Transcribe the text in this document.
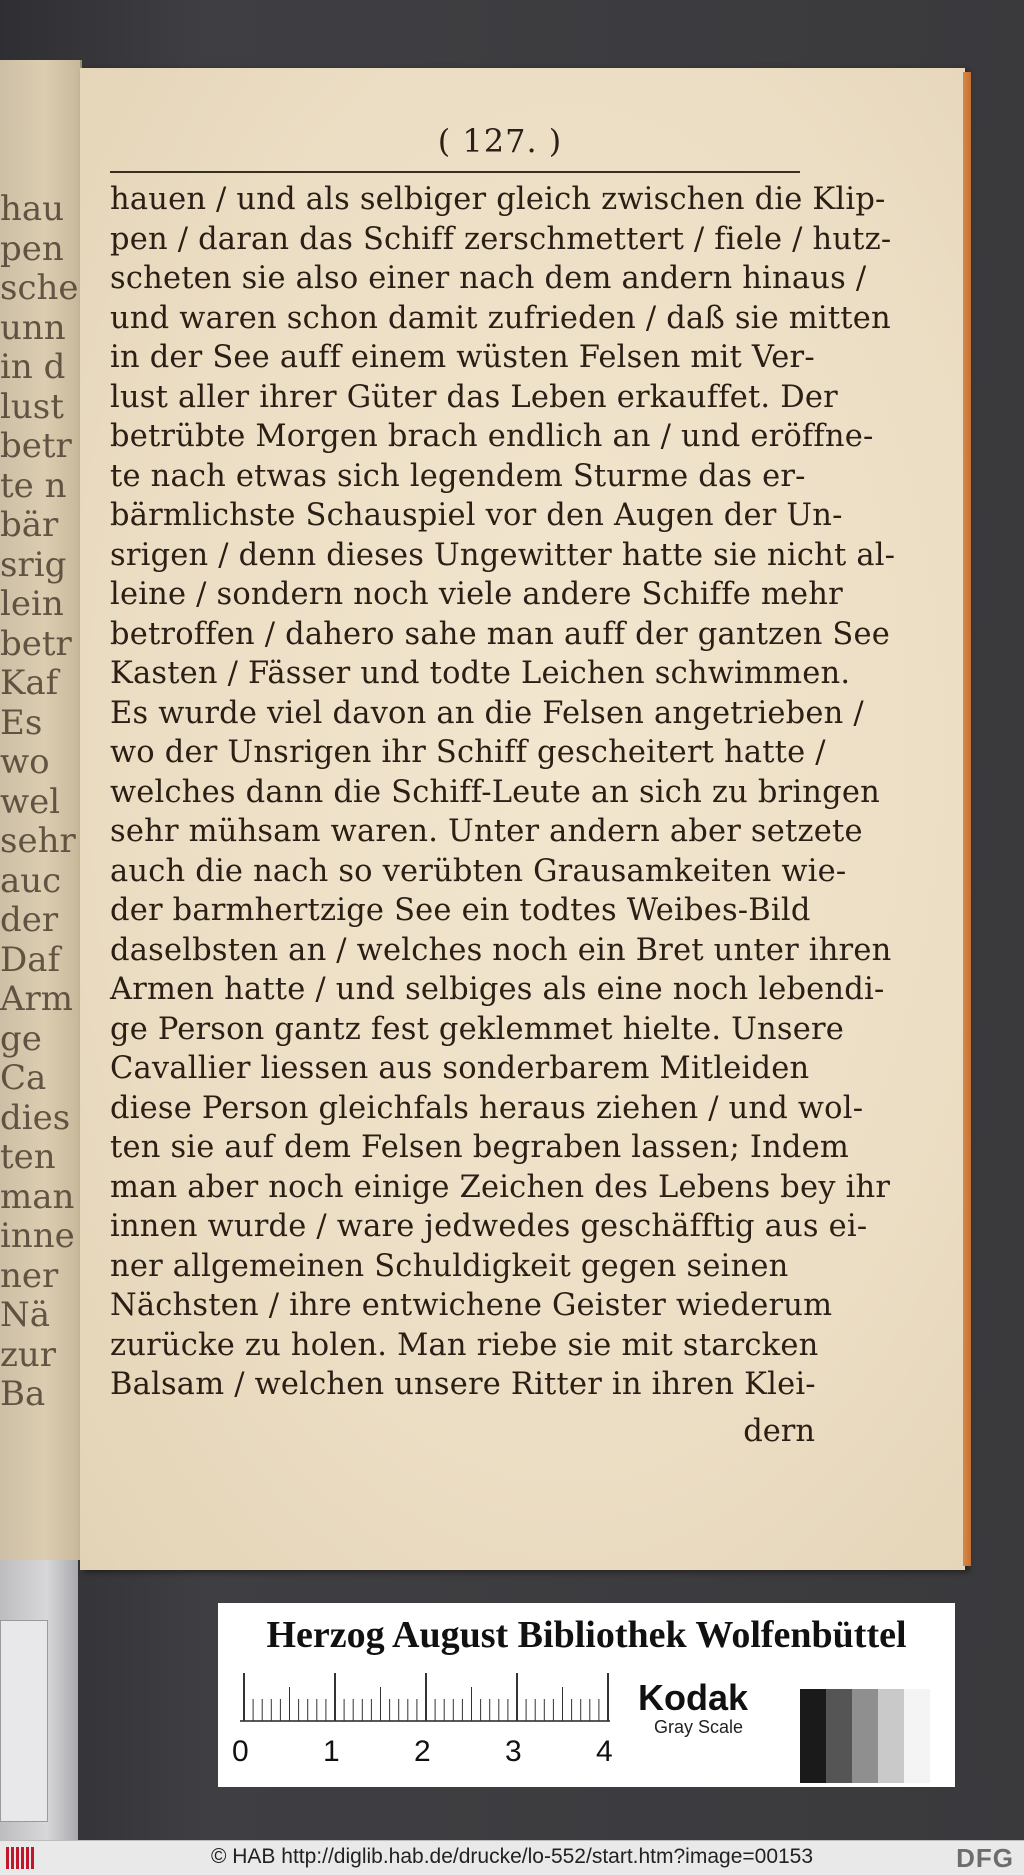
hau
pen
sche
unn
in d
lust
betr
te n
bär
srig
lein
betr
Kaf
Es
wo
wel
sehr
auc
der
Daf
Arm
ge
Ca
dies
ten
man
inne
ner
Nä
zur
Ba
( 127. )
hauen / und als selbiger gleich zwischen die Klip-
pen / daran das Schiff zerschmettert / fiele / hutz-
scheten sie also einer nach dem andern hinaus /
und waren schon damit zufrieden / daß sie mitten
in der See auff einem wüsten Felsen mit Ver-
lust aller ihrer Güter das Leben erkauffet. Der
betrübte Morgen brach endlich an / und eröffne-
te nach etwas sich legendem Sturme das er-
bärmlichste Schauspiel vor den Augen der Un-
srigen / denn dieses Ungewitter hatte sie nicht al-
leine / sondern noch viele andere Schiffe mehr
betroffen / dahero sahe man auff der gantzen See
Kasten / Fässer und todte Leichen schwimmen.
Es wurde viel davon an die Felsen angetrieben /
wo der Unsrigen ihr Schiff gescheitert hatte /
welches dann die Schiff-Leute an sich zu bringen
sehr mühsam waren. Unter andern aber setzete
auch die nach so verübten Grausamkeiten wie-
der barmhertzige See ein todtes Weibes-Bild
daselbsten an / welches noch ein Bret unter ihren
Armen hatte / und selbiges als eine noch lebendi-
ge Person gantz fest geklemmet hielte. Unsere
Cavallier liessen aus sonderbarem Mitleiden
diese Person gleichfals heraus ziehen / und wol-
ten sie auf dem Felsen begraben lassen; Indem
man aber noch einige Zeichen des Lebens bey ihr
innen wurde / ware jedwedes geschäfftig aus ei-
ner allgemeinen Schuldigkeit gegen seinen
Nächsten / ihre entwichene Geister wiederum
zurücke zu holen. Man riebe sie mit starcken
Balsam / welchen unsere Ritter in ihren Klei-
dern
Herzog August Bibliothek Wolfenbüttel
0 1 2 3 4
Kodak
Gray Scale
© HAB http://diglib.hab.de/drucke/lo-552/start.htm?image=00153	DFG
